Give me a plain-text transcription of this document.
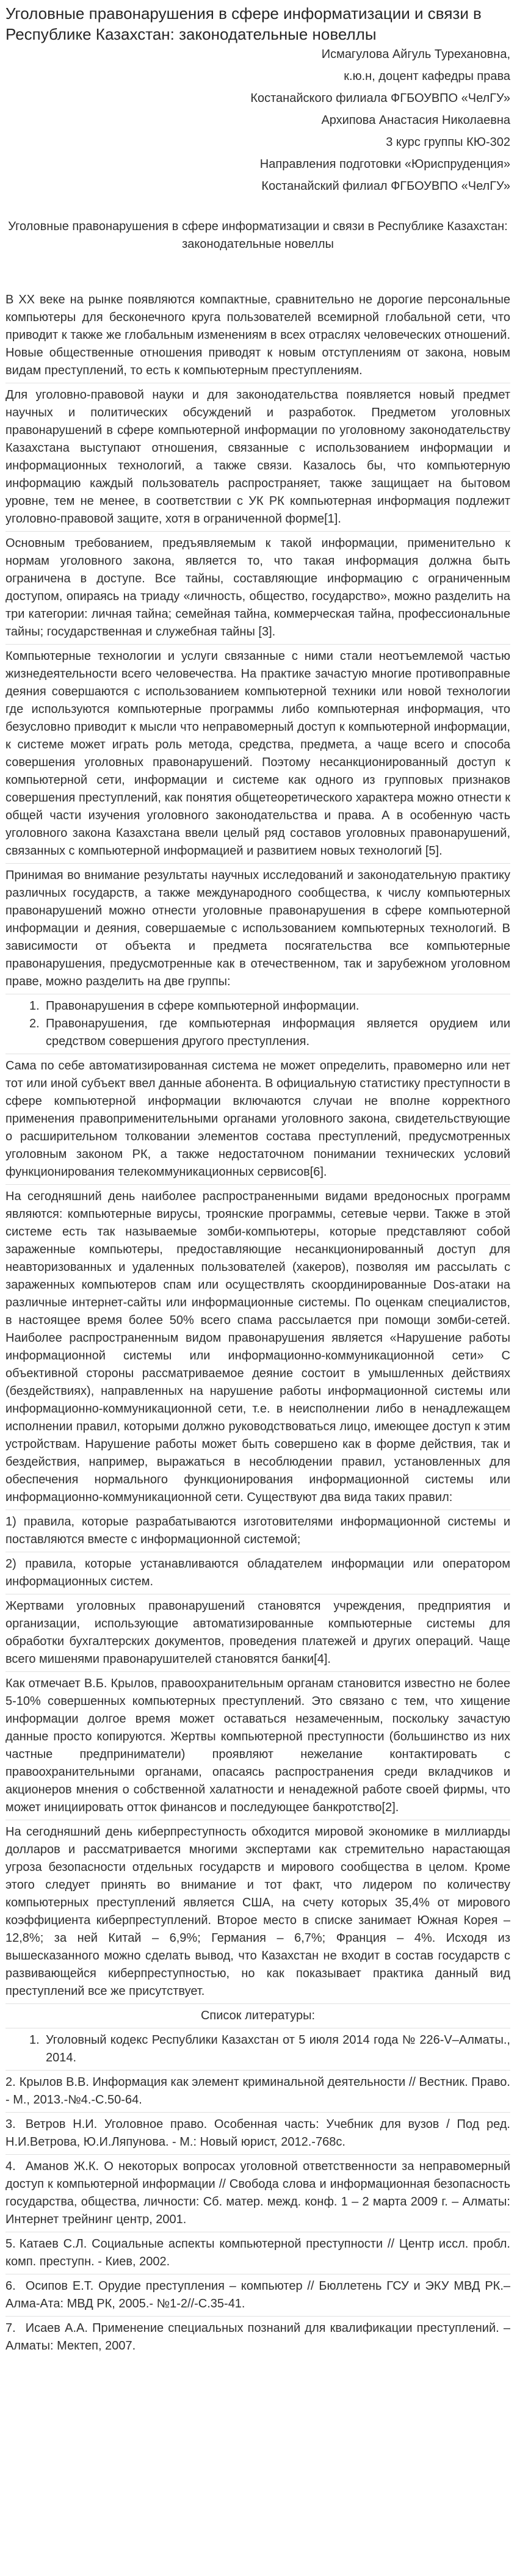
Уголовные правонарушения в сфере информатизации и связи в Республике Казахстан: законодательные новеллы

Исмагулова Айгуль Турехановна,

к.ю.н, доцент кафедры права

Костанайского филиала ФГБОУВПО «ЧелГУ»

Архипова Анастасия Николаевна

3 курс группы КЮ-302

Направления подготовки «Юриспруденция»

Костанайский филиал ФГБОУВПО «ЧелГУ»

Уголовные правонарушения в сфере информатизации и связи в Республике Казахстан: законодательные новеллы

В XX веке на рынке появляются компактные, сравнительно не дорогие персональные компьютеры для бесконечного круга пользователей всемирной глобальной сети, что приводит к также же глобальным изменениям в всех отраслях человеческих отношений. Новые общественные отношения приводят к новым отступлениям от закона, новым видам преступлений, то есть к компьютерным преступлениям.

Для уголовно-правовой науки и для законодательства появляется новый предмет научных и политических обсуждений и разработок. Предметом уголовных правонарушений в сфере компьютерной информации по уголовному законодательству Казахстана выступают отношения, связанные с использованием информации и информационных технологий, а также связи. Казалось бы, что компьютерную информацию каждый пользователь распространяет, также защищает на бытовом уровне, тем не менее, в соответствии с УК РК компьютерная информация подлежит уголовно-правовой защите, хотя в ограниченной форме[1].

Основным требованием, предъявляемым к такой информации, применительно к нормам уголовного закона, является то, что такая информация должна быть ограничена в доступе. Все тайны, составляющие информацию с ограниченным доступом, опираясь на триаду «личность, общество, государство», можно разделить на три категории: личная тайна; семейная тайна, коммерческая тайна, профессиональные тайны; государственная и служебная тайны [3].

Компьютерные технологии и услуги связанные с ними стали неотъемлемой частью жизнедеятельности всего человечества. На практике зачастую многие противоправные деяния совершаются с использованием компьютерной техники или новой технологии где используются компьютерные программы либо компьютерная информация, что безусловно приводит к мысли что неправомерный доступ к компьютерной информации, к системе может играть роль метода, средства, предмета, а чаще всего и способа совершения уголовных правонарушений. Поэтому несанкционированный доступ к компьютерной сети, информации и системе как одного из групповых признаков совершения преступлений, как понятия общетеоретического характера можно отнести к общей части изучения уголовного законодательства и права. А в особенную часть уголовного закона Казахстана ввели целый ряд составов уголовных правонарушений, связанных с компьютерной информацией и развитием новых технологий [5].

Принимая во внимание результаты научных исследований и законодательную практику различных государств, а также международного сообщества, к числу компьютерных правонарушений можно отнести уголовные правонарушения в сфере компьютерной информации и деяния, совершаемые с использованием компьютерных технологий. В зависимости от объекта и предмета посягательства все компьютерные правонарушения, предусмотренные как в отечественном, так и зарубежном уголовном праве, можно разделить на две группы:

1. Правонарушения в сфере компьютерной информации.
2. Правонарушения, где компьютерная информация является орудием или средством совершения другого преступления.

Сама по себе автоматизированная система не может определить, правомерно или нет тот или иной субъект ввел данные абонента. В официальную статистику преступности в сфере компьютерной информации включаются случаи не вполне корректного применения правоприменительными органами уголовного закона, свидетельствующие о расширительном толковании элементов состава преступлений, предусмотренных уголовным законом РК, а также недостаточном понимании технических условий функционирования телекоммуникационных сервисов[6].

На сегодняшний день наиболее распространенными видами вредоносных программ являются: компьютерные вирусы, троянские программы, сетевые черви. Также в этой системе есть так называемые зомби-компьютеры, которые представляют собой зараженные компьютеры, предоставляющие несанкционированный доступ для неавторизованных и удаленных пользователей (хакеров), позволяя им рассылать с зараженных компьютеров спам или осуществлять скоординированные Dos-атаки на различные интернет-сайты или информационные системы. По оценкам специалистов, в настоящее время более 50% всего спама рассылается при помощи зомби-сетей. Наиболее распространенным видом правонарушения является «Нарушение работы информационной системы или информационно-коммуникационной сети» С объективной стороны рассматриваемое деяние состоит в умышленных действиях (бездействиях), направленных на нарушение работы информационной системы или информационно-коммуникационной сети, т.е. в неисполнении либо в ненадлежащем исполнении правил, которыми должно руководствоваться лицо, имеющее доступ к этим устройствам. Нарушение работы может быть совершено как в форме действия, так и бездействия, например, выражаться в несоблюдении правил, установленных для обеспечения нормального функционирования информационной системы или информационно-коммуникационной сети. Существуют два вида таких правил:

1) правила, которые разрабатываются изготовителями информационной системы и поставляются вместе с информационной системой;

2) правила, которые устанавливаются обладателем информации или оператором информационных систем.

Жертвами уголовных правонарушений становятся учреждения, предприятия и организации, использующие автоматизированные компьютерные системы для обработки бухгалтерских документов, проведения платежей и других операций. Чаще всего мишенями правонарушителей становятся банки[4].

Как отмечает В.Б. Крылов, правоохранительным органам становится известно не более 5-10% совершенных компьютерных преступлений. Это связано с тем, что хищение информации долгое время может оставаться незамеченным, поскольку зачастую данные просто копируются. Жертвы компьютерной преступности (большинство из них частные предприниматели) проявляют нежелание контактировать с правоохранительными органами, опасаясь распространения среди вкладчиков и акционеров мнения о собственной халатности и ненадежной работе своей фирмы, что может инициировать отток финансов и последующее банкротство[2].

На сегодняшний день киберпреступность обходится мировой экономике в миллиарды долларов и рассматривается многими экспертами как стремительно нарастающая угроза безопасности отдельных государств и мирового сообщества в целом. Кроме этого следует принять во внимание и тот факт, что лидером по количеству компьютерных преступлений является США, на счету которых 35,4% от мирового коэффициента киберпреступлений. Второе место в списке занимает Южная Корея – 12,8%; за ней Китай – 6,9%; Германия – 6,7%; Франция – 4%. Исходя из вышесказанного можно сделать вывод, что Казахстан не входит в состав государств с развивающейся киберпреступностью, но как показывает практика данный вид преступлений все же присутствует.

Список литературы:

1. Уголовный кодекс Республики Казахстан от 5 июля 2014 года № 226-V–Алматы., 2014.

2. Крылов В.В. Информация как элемент криминальной деятельности // Вестник. Право. - М., 2013.-№4.-С.50-64.

3. Ветров Н.И. Уголовное право. Особенная часть: Учебник для вузов / Под ред. Н.И.Ветрова, Ю.И.Ляпунова. - М.: Новый юрист, 2012.-768с.

4. Аманов Ж.К. О некоторых вопросах уголовной ответственности за неправомерный доступ к компьютерной информации // Свобода слова и информационная безопасность государства, общества, личности: Сб. матер. межд. конф. 1 – 2 марта 2009 г. – Алматы: Интернет трейнинг центр, 2001.

5. Катаев С.Л. Социальные аспекты компьютерной преступности // Центр иссл. пробл. комп. преступн. - Киев, 2002.

6. Осипов Е.Т. Орудие преступления – компьютер // Бюллетень ГСУ и ЭКУ МВД РК.–Алма-Ата: МВД РК, 2005.- №1-2//-С.35-41.

7. Исаев А.А. Применение специальных познаний для квалификации преступлений. – Алматы: Мектеп, 2007.
